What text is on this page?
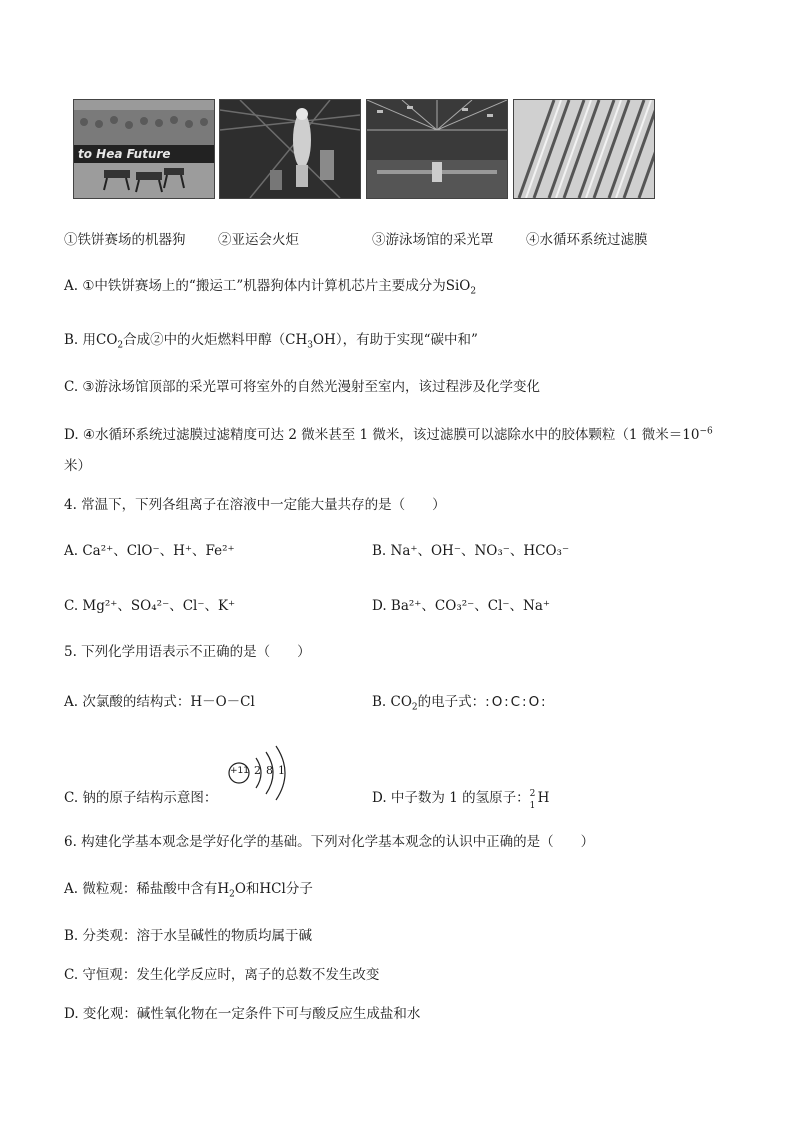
to Hea Future
①铁饼赛场的机器狗 ②亚运会火炬	③游泳场馆的采光罩 ④水循环系统过滤膜
A. ①中铁饼赛场上的“搬运工”机器狗体内计算机芯片主要成分为SiO$_2$
B. 用$CO_2$合成②中的火炬燃料甲醇$(CH_3OH)$，有助于实现“碳中和”
C. ③游泳场馆顶部的采光罩可将室外的自然光漫射至室内，该过程涉及化学变化
D. ④水循环系统过滤膜过滤精度可达 2 微米甚至 1 微米，该过滤膜可以滤除水中的胶体颗粒（1 微米$=10^{-6}$
米）
4. 常温下，下列各组离子在溶液中一定能大量共存的是（　　）
A. Ca²⁺、ClO⁻、H⁺、Fe²⁺	B. Na⁺、OH⁻、NO₃⁻、HCO₃⁻
C. Mg²⁺、SO₄²⁻、Cl⁻、K⁺	D. Ba²⁺、CO₃²⁻、Cl⁻、Na⁺
5. 下列化学用语表示不正确的是（　　）
A. 次氯酸的结构式：H－O－Cl	B. $CO_2$的电子式：:O:C:O:
+11 2 8 1
C. 钠的原子结构示意图：	D. 中子数为 1 的氢原子： 2
1 H
6. 构建化学基本观念是学好化学的基础。下列对化学基本观念的认识中正确的是（　　）
A. 微粒观：稀盐酸中含有$H_2O$和HCl分子
B. 分类观：溶于水呈碱性的物质均属于碱
C. 守恒观：发生化学反应时，离子的总数不发生改变
D. 变化观：碱性氧化物在一定条件下可与酸反应生成盐和水
